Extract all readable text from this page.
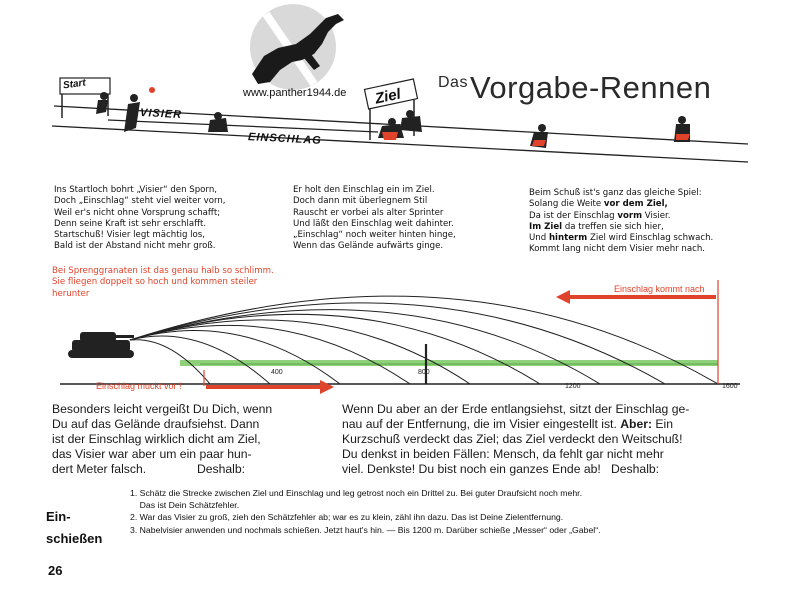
www.panther1944.de
Start
Ziel
VISIER
EINSCHLAG
$^{Das}$Vorgabe-Rennen
Ins Startloch bohrt „Visier“ den Sporn,
Doch „Einschlag“ steht viel weiter vorn,
Weil er's nicht ohne Vorsprung schafft;
Denn seine Kraft ist sehr erschlafft.
Startschuß! Visier legt mächtig los,
Bald ist der Abstand nicht mehr groß.
Er holt den Einschlag ein im Ziel.
Doch dann mit überlegnem Stil
Rauscht er vorbei als alter Sprinter
Und läßt den Einschlag weit dahinter.
„Einschlag“ noch weiter hinten hinge,
Wenn das Gelände aufwärts ginge.
Beim Schuß ist's ganz das gleiche Spiel:
Solang die Weite vor dem Ziel,
Da ist der Einschlag vorm Visier.
Im Ziel da treffen sie sich hier,
Und hinterm Ziel wird Einschlag schwach.
Kommt lang nicht dem Visier mehr nach.
Bei Sprenggranaten ist das genau halb so schlimm. Sie fliegen doppelt so hoch und kommen steiler herunter	Einschlag kommt nach
Einschlag muckt vor !
400	800
1200	1600
Besonders leicht vergeißt Du Dich, wenn
Du auf das Gelände draufsiehst. Dann
ist der Einschlag wirklich dicht am Ziel,
das Visier war aber um ein paar hun-
dert Meter falsch.               Deshalb:
Wenn Du aber an der Erde entlangsiehst, sitzt der Einschlag ge-
nau auf der Entfernung, die im Visier eingestellt ist. Aber: Ein
Kurzschuß verdeckt das Ziel; das Ziel verdeckt den Weitschuß!
Du denkst in beiden Fällen: Mensch, da fehlt gar nicht mehr
viel. Denkste! Du bist noch ein ganzes Ende ab!   Deshalb:
Ein-
schießen
1. Schätz die Strecke zwischen Ziel und Einschlag und leg getrost noch ein Drittel zu. Bei guter Draufsicht noch mehr.
Das ist Dein Schätzfehler.
2. War das Visier zu groß, zieh den Schätzfehler ab; war es zu klein, zähl ihn dazu. Das ist Deine Zielentfernung.
3. Nabelvisier anwenden und nochmals schießen. Jetzt haut's hin. — Bis 1200 m. Darüber schieße „Messer“ oder „Gabel“.
26
